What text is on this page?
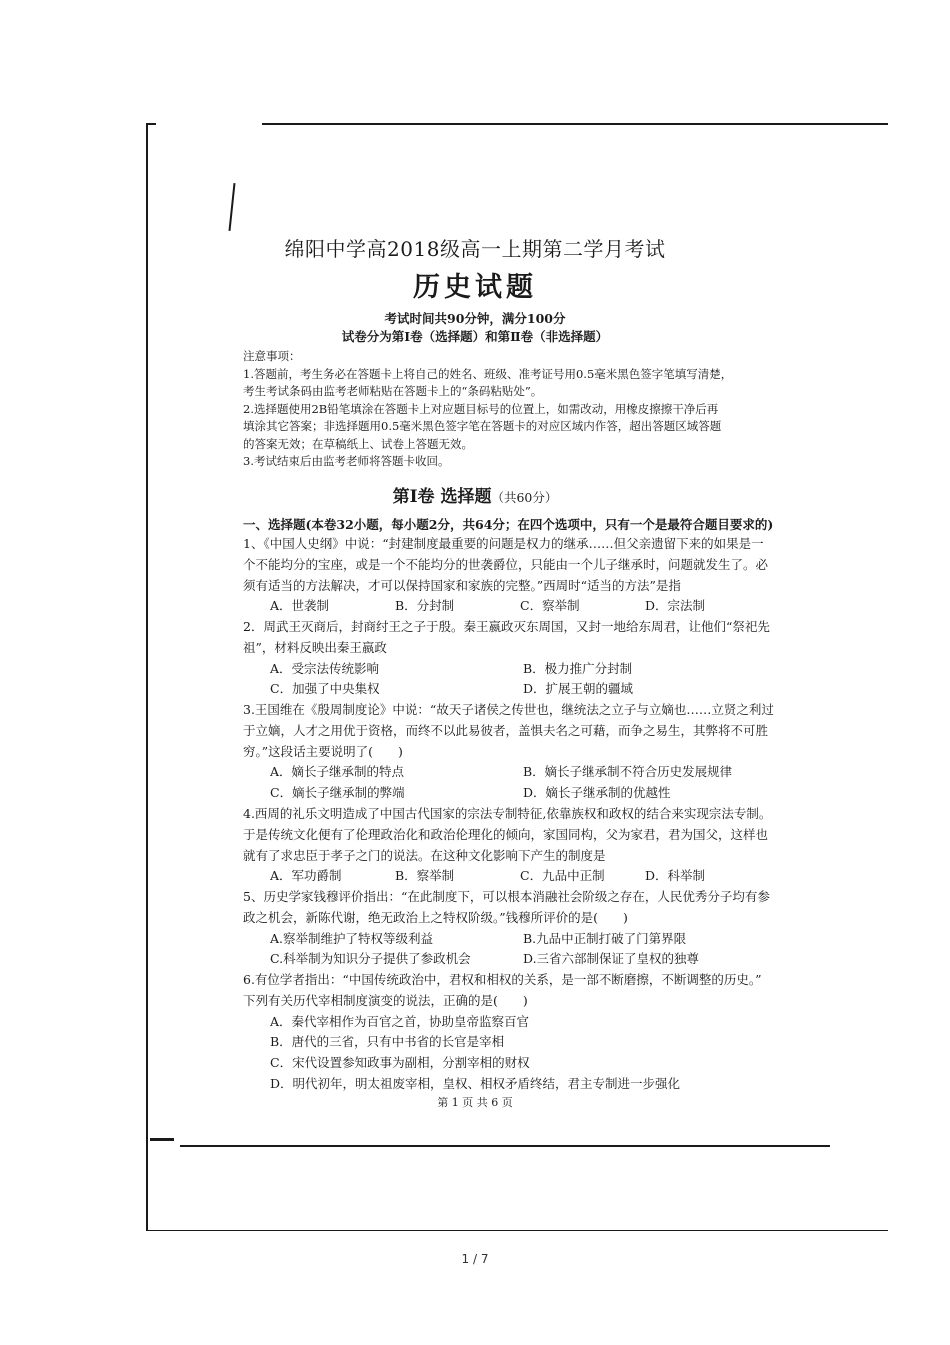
绵阳中学高2018级高一上期第二学月考试
历史试题
考试时间共90分钟，满分100分
试卷分为第Ⅰ卷（选择题）和第Ⅱ卷（非选择题）
注意事项：
1.答题前，考生务必在答题卡上将自己的姓名、班级、准考证号用0.5毫米黑色签字笔填写清楚，
考生考试条码由监考老师粘贴在答题卡上的“条码粘贴处”。
2.选择题使用2B铅笔填涂在答题卡上对应题目标号的位置上，如需改动，用橡皮擦擦干净后再
填涂其它答案；非选择题用0.5毫米黑色签字笔在答题卡的对应区域内作答，超出答题区域答题
的答案无效；在草稿纸上、试卷上答题无效。
3.考试结束后由监考老师将答题卡收回。
第Ⅰ卷 选择题（共60分）
一、选择题(本卷32小题，每小题2分，共64分；在四个选项中，只有一个是最符合题目要求的)
1、《中国人史纲》中说：“封建制度最重要的问题是权力的继承……但父亲遗留下来的如果是一
个不能均分的宝座，或是一个不能均分的世袭爵位，只能由一个儿子继承时，问题就发生了。必
须有适当的方法解决，才可以保持国家和家族的完整。”西周时“适当的方法”是指
A．世袭制	B．分封制	C．察举制	D．宗法制
2．周武王灭商后，封商纣王之子于殷。秦王嬴政灭东周国，又封一地给东周君，让他们“祭祀先
祖”，材料反映出秦王嬴政
A．受宗法传统影响	B．极力推广分封制
C．加强了中央集权	D．扩展王朝的疆域
3.王国维在《殷周制度论》中说：“故天子诸侯之传世也，继统法之立子与立嫡也……立贤之利过
于立嫡，人才之用优于资格，而终不以此易彼者，盖惧夫名之可藉，而争之易生，其弊将不可胜
穷。”这段话主要说明了(　　)
A．嫡长子继承制的特点	B．嫡长子继承制不符合历史发展规律
C．嫡长子继承制的弊端	D．嫡长子继承制的优越性
4.西周的礼乐文明造成了中国古代国家的宗法专制特征,依靠族权和政权的结合来实现宗法专制。
于是传统文化便有了伦理政治化和政治伦理化的倾向，家国同构，父为家君，君为国父，这样也
就有了求忠臣于孝子之门的说法。在这种文化影响下产生的制度是
A．军功爵制	B．察举制	C．九品中正制	D．科举制
5、历史学家钱穆评价指出：“在此制度下，可以根本消融社会阶级之存在，人民优秀分子均有参
政之机会，新陈代谢，绝无政治上之特权阶级。”钱穆所评价的是(　　)
A.察举制维护了特权等级利益	B.九品中正制打破了门第界限
C.科举制为知识分子提供了参政机会	D.三省六部制保证了皇权的独尊
6.有位学者指出：“中国传统政治中，君权和相权的关系，是一部不断磨擦，不断调整的历史。”
下列有关历代宰相制度演变的说法，正确的是(　　)
A．秦代宰相作为百官之首，协助皇帝监察百官
B．唐代的三省，只有中书省的长官是宰相
C．宋代设置参知政事为副相，分割宰相的财权
D．明代初年，明太祖废宰相，皇权、相权矛盾终结，君主专制进一步强化
第 1 页 共 6 页
1 / 7
